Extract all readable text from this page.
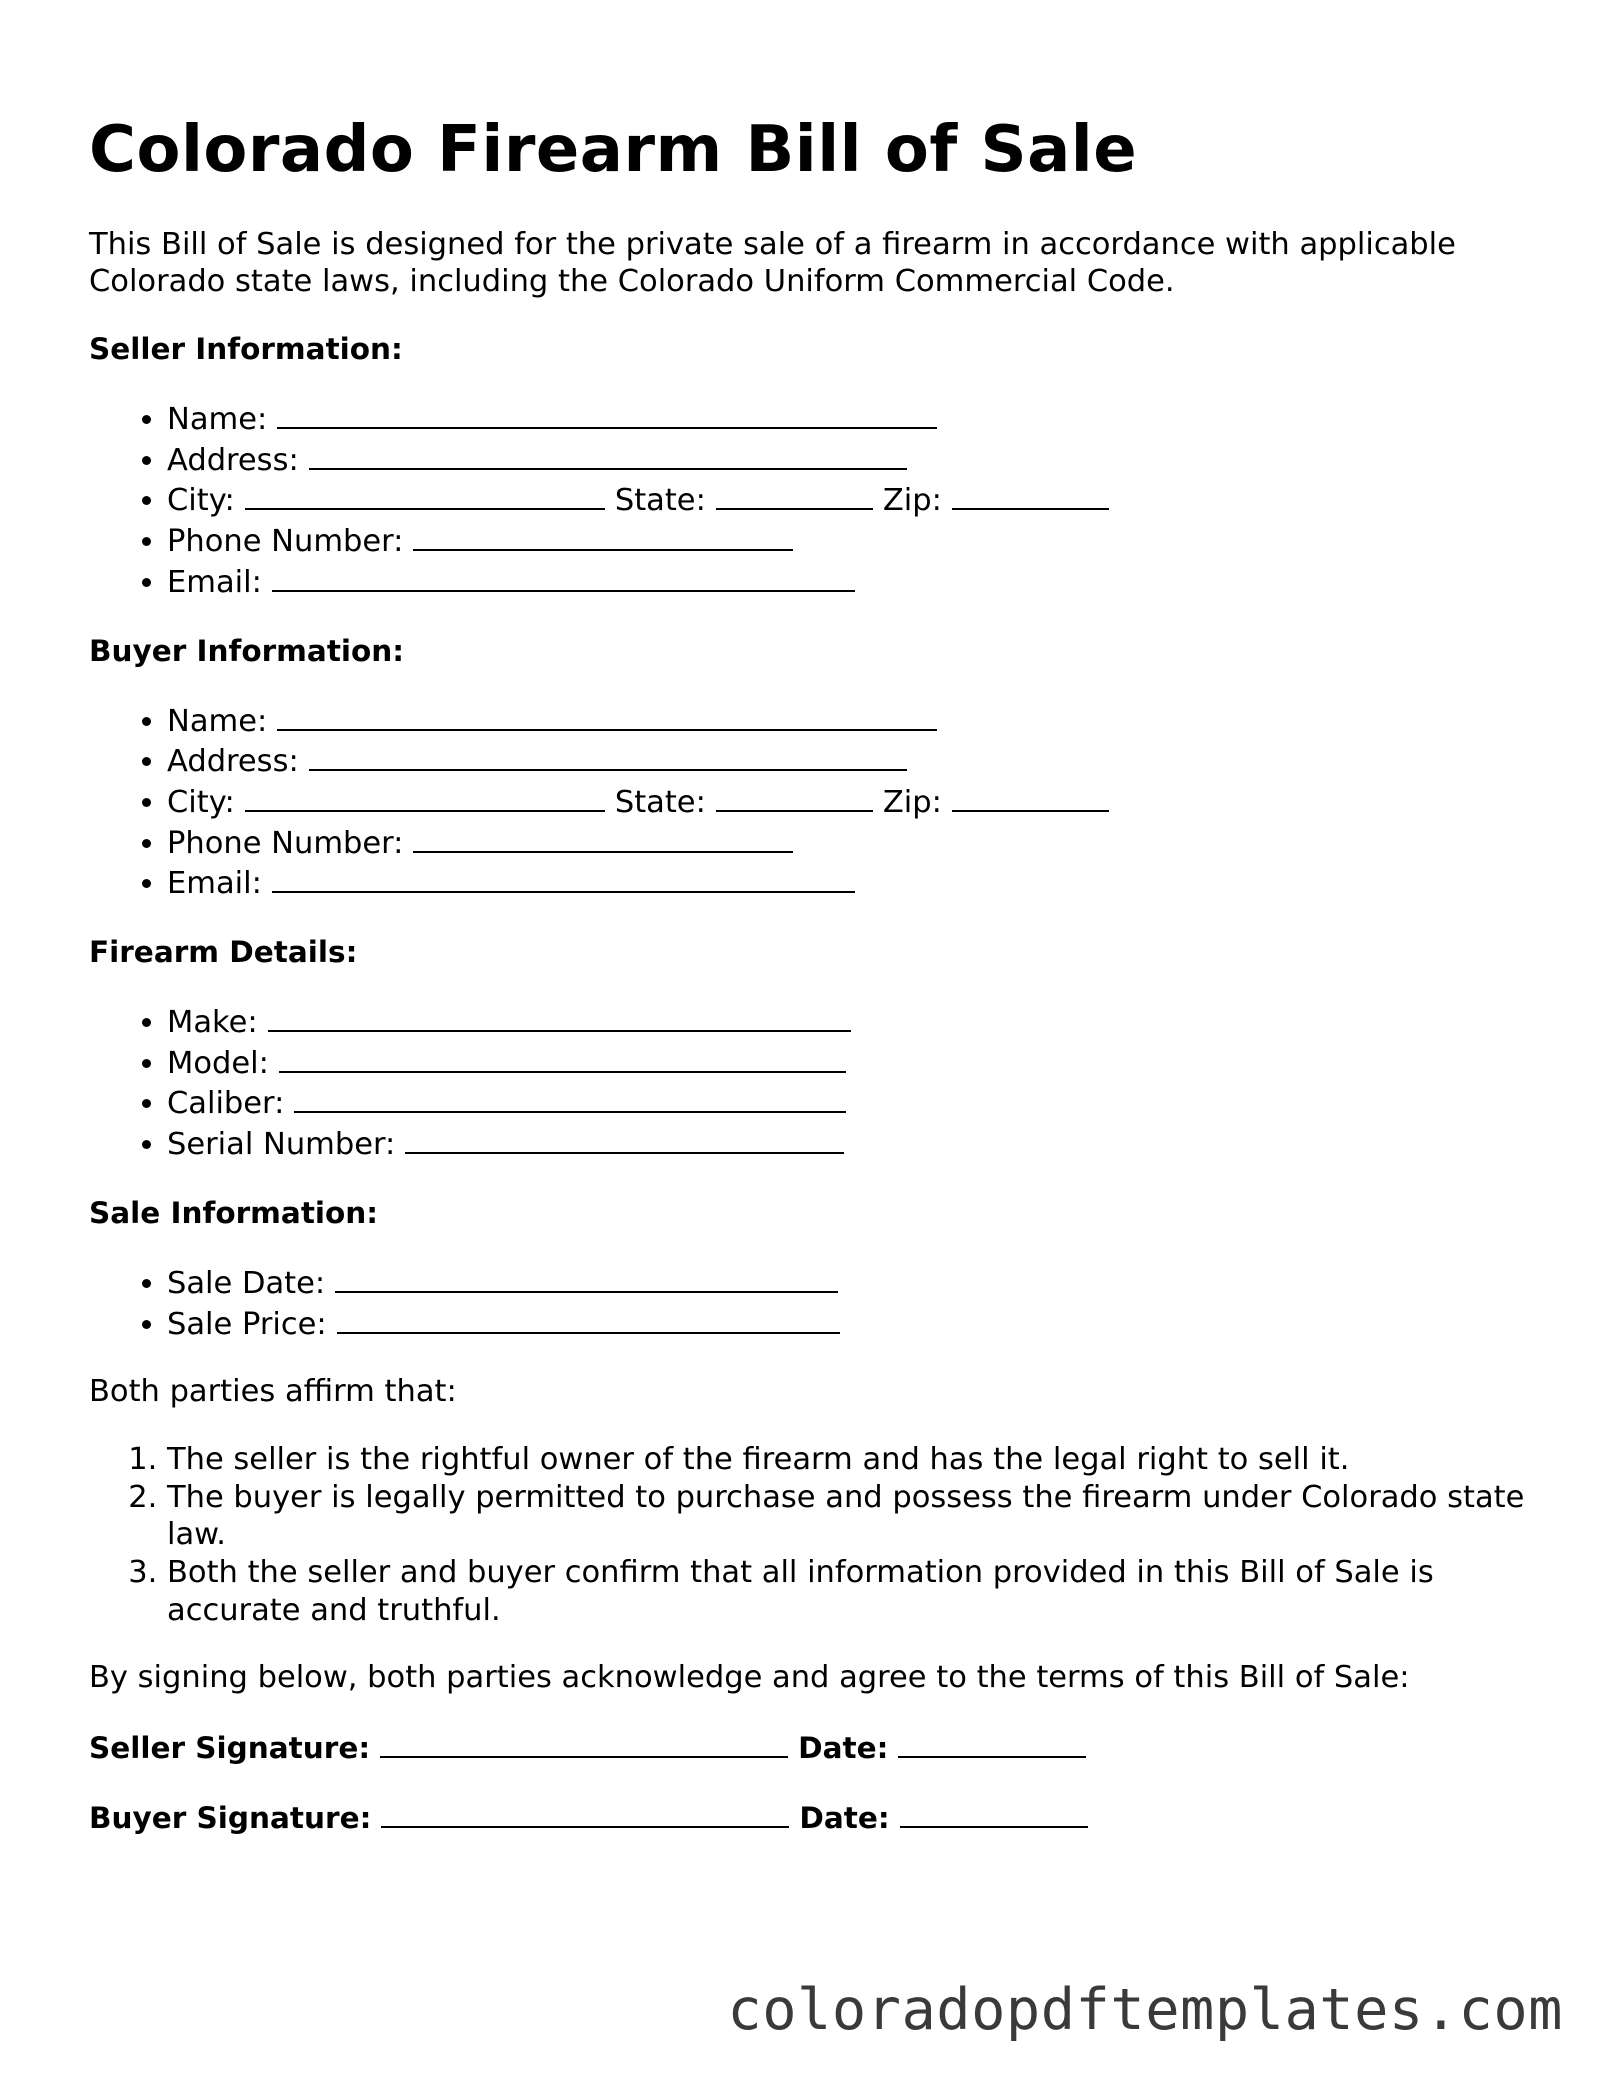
Colorado Firearm Bill of Sale

This Bill of Sale is designed for the private sale of a firearm in accordance with applicable Colorado state laws, including the Colorado Uniform Commercial Code.

Seller Information:
• Name:
• Address:
• City:	State:	Zip:
• Phone Number:
• Email:
Buyer Information:
• Name:
• Address:
• City:	State:	Zip:
• Phone Number:
• Email:
Firearm Details:
• Make:
• Model:
• Caliber:
• Serial Number:
Sale Information:
• Sale Date:
• Sale Price:

Both parties affirm that:

1. The seller is the rightful owner of the firearm and has the legal right to sell it.
2. The buyer is legally permitted to purchase and possess the firearm under Colorado state law.
3. Both the seller and buyer confirm that all information provided in this Bill of Sale is accurate and truthful.

By signing below, both parties acknowledge and agree to the terms of this Bill of Sale:

Seller Signature:	Date:
Buyer Signature:	Date:
coloradopdftemplates.com
